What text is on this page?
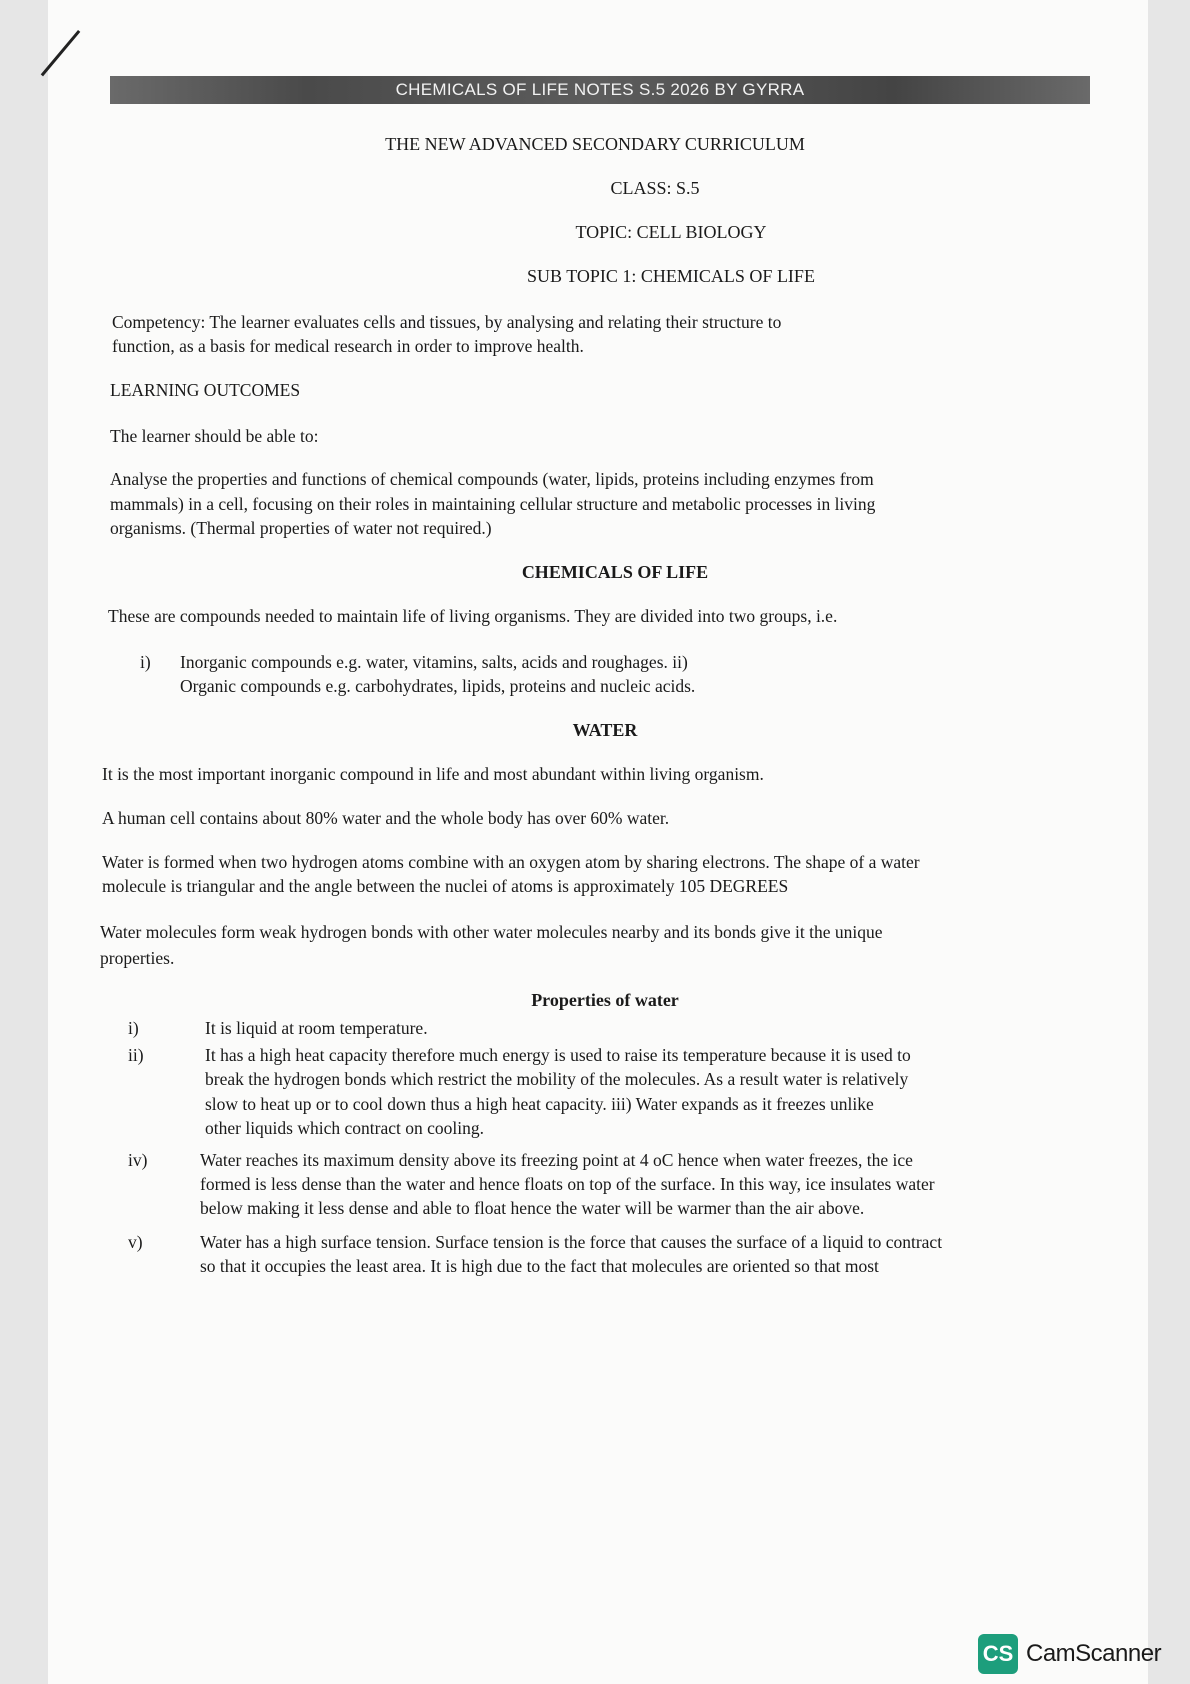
CHEMICALS OF LIFE NOTES S.5 2026 BY GYRRA
THE NEW ADVANCED SECONDARY CURRICULUM
CLASS: S.5
TOPIC: CELL BIOLOGY
SUB TOPIC 1: CHEMICALS OF LIFE
Competency: The learner evaluates cells and tissues, by analysing and relating their structure to
function, as a basis for medical research in order to improve health.
LEARNING OUTCOMES
The learner should be able to:
Analyse the properties and functions of chemical compounds (water, lipids, proteins including enzymes from
mammals) in a cell, focusing on their roles in maintaining cellular structure and metabolic processes in living
organisms. (Thermal properties of water not required.)
CHEMICALS OF LIFE
These are compounds needed to maintain life of living organisms. They are divided into two groups, i.e.
i) Inorganic compounds e.g. water, vitamins, salts, acids and roughages. ii)
Organic compounds e.g. carbohydrates, lipids, proteins and nucleic acids.
WATER
It is the most important inorganic compound in life and most abundant within living organism.
A human cell contains about 80% water and the whole body has over 60% water.
Water is formed when two hydrogen atoms combine with an oxygen atom by sharing electrons. The shape of a water
molecule is triangular and the angle between the nuclei of atoms is approximately 105 DEGREES
Water molecules form weak hydrogen bonds with other water molecules nearby and its bonds give it the unique
properties.
Properties of water
i)	It is liquid at room temperature.
ii)	It has a high heat capacity therefore much energy is used to raise its temperature because it is used to
break the hydrogen bonds which restrict the mobility of the molecules. As a result water is relatively
slow to heat up or to cool down thus a high heat capacity. iii) Water expands as it freezes unlike
other liquids which contract on cooling.
iv)	Water reaches its maximum density above its freezing point at 4 oC hence when water freezes, the ice
formed is less dense than the water and hence floats on top of the surface. In this way, ice insulates water
below making it less dense and able to float hence the water will be warmer than the air above.
v)	Water has a high surface tension. Surface tension is the force that causes the surface of a liquid to contract
so that it occupies the least area. It is high due to the fact that molecules are oriented so that most
CS CamScanner
